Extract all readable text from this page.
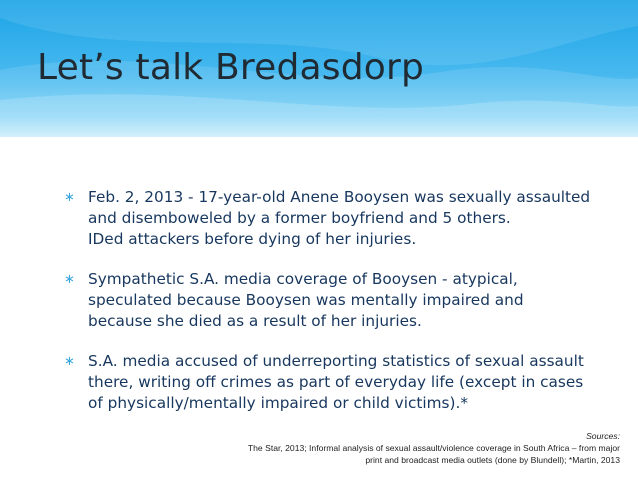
Let’s talk Bredasdorp
∗ Feb. 2, 2013 - 17-year-old Anene Booysen was sexually assaulted
and disemboweled by a former boyfriend and 5 others.
IDed attackers before dying of her injuries.
∗ Sympathetic S.A. media coverage of Booysen - atypical,
speculated because Booysen was mentally impaired and
because she died as a result of her injuries.
∗ S.A. media accused of underreporting statistics of sexual assault
there, writing off crimes as part of everyday life (except in cases
of physically/mentally impaired or child victims).*
Sources:
The Star, 2013; Informal analysis of sexual assault/violence coverage in South Africa – from major
print and broadcast media outlets (done by Blundell); *Martin, 2013
